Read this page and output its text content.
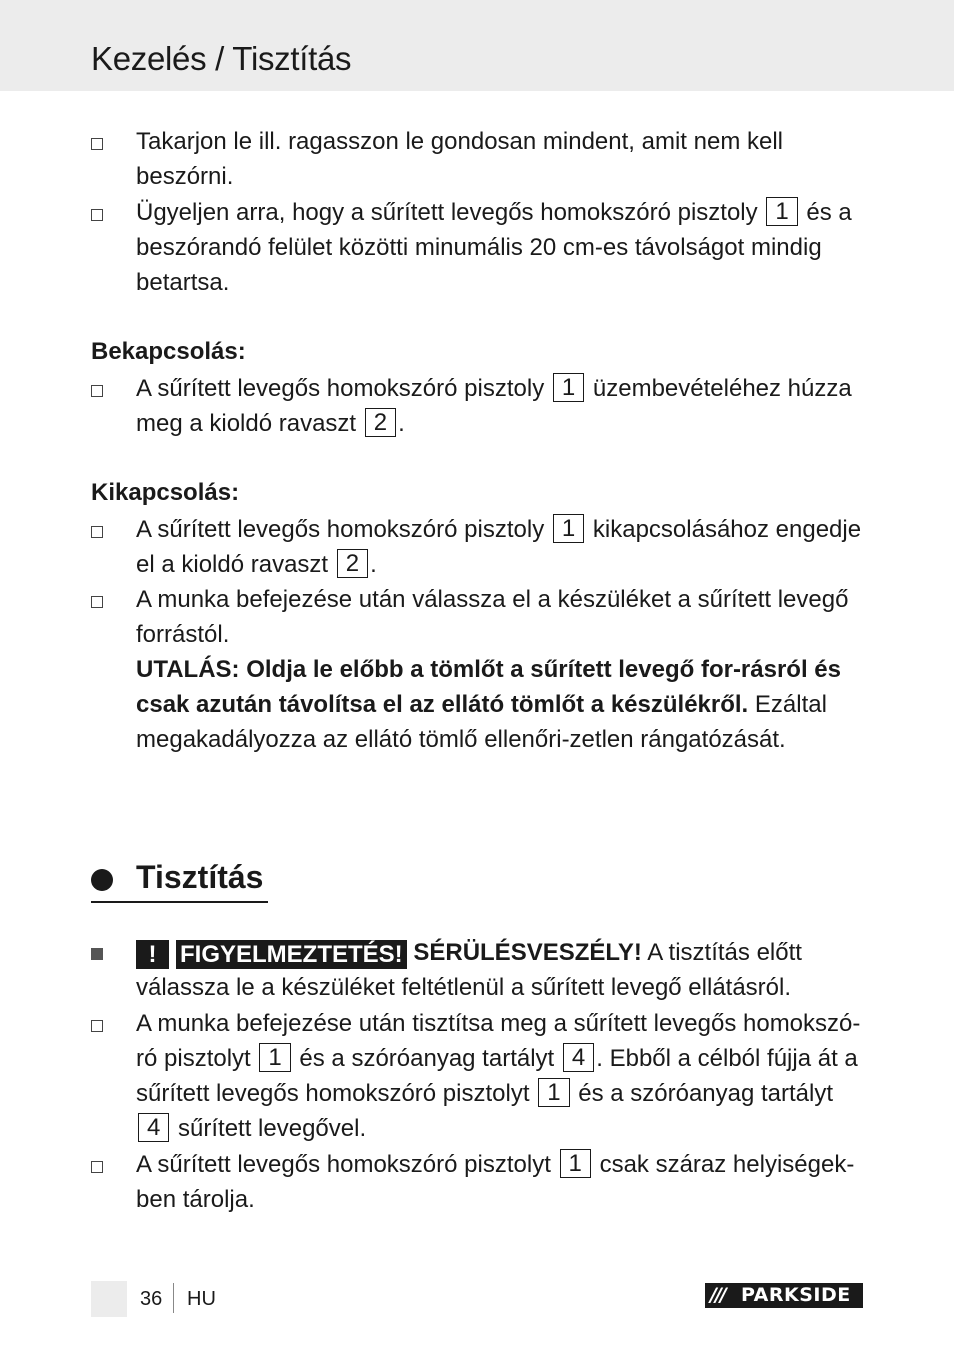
Kezelés / Tisztítás
Takarjon le ill. ragasszon le gondosan mindent, amit nem kell beszórni.
Ügyeljen arra, hogy a sűrített levegős homokszóró pisztoly 1 és a beszórandó felület közötti minumális 20 cm-es távolságot mindig betartsa.
Bekapcsolás:
A sűrített levegős homokszóró pisztoly 1 üzembevételéhez húzza meg a kioldó ravaszt 2 .
Kikapcsolás:
A sűrített levegős homokszóró pisztoly 1 kikapcsolásához engedje el a kioldó ravaszt 2 .
A munka befejezése után válassza el a készüléket a sűrített levegő forrástól.
UTALÁS: Oldja le előbb a tömlőt a sűrített levegő for-rásról és csak azután távolítsa el az ellátó tömlőt a készülékről. Ezáltal megakadályozza az ellátó tömlő ellenőri-zetlen rángatózását.
Tisztítás
! FIGYELMEZTETÉS! SÉRÜLÉSVESZÉLY! A tisztítás előtt válassza le a készüléket feltétlenül a sűrített levegő ellátásról.
A munka befejezése után tisztítsa meg a sűrített levegős homokszó-ró pisztolyt 1 és a szóróanyag tartályt 4 . Ebből a célból fújja át a sűrített levegős homokszóró pisztolyt 1 és a szóróanyag tartályt 4 sűrített levegővel.
A sűrített levegős homokszóró pisztolyt 1 csak száraz helyiségek-ben tárolja.
36 HU	/// PARKSIDE
